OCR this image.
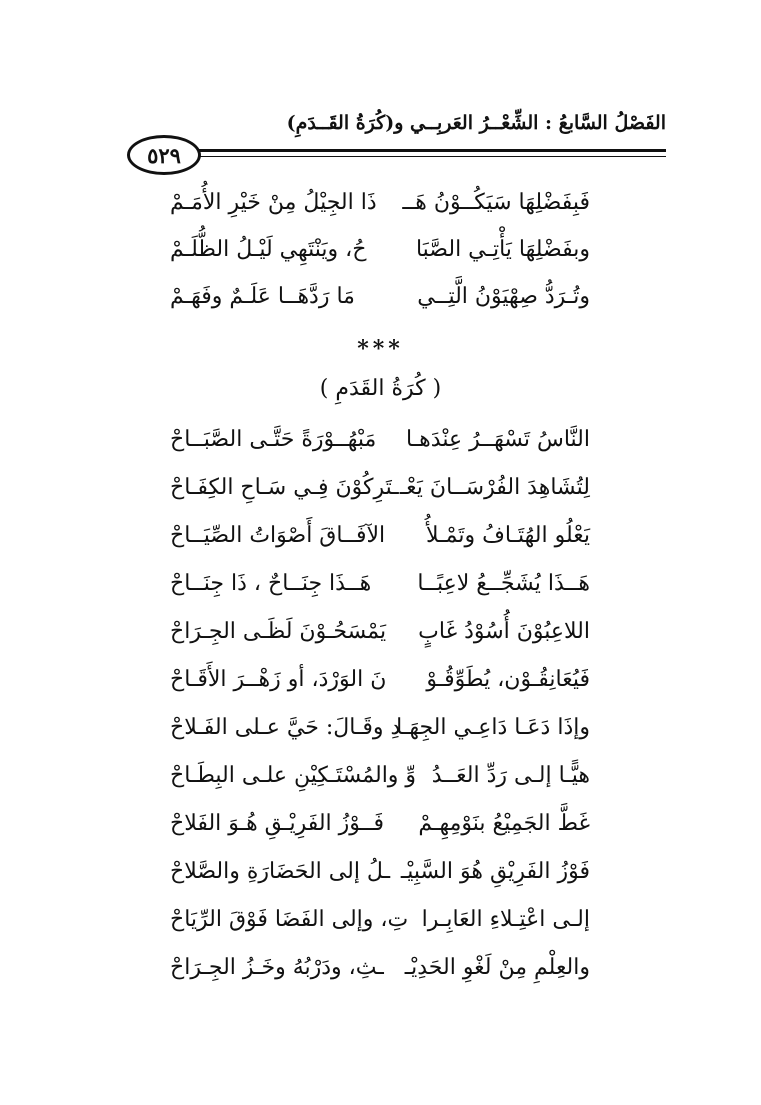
الفَصْلُ السَّابعُ : الشِّعْــرُ العَربِــي و(كُرَةُ القَــدَمِ)
٥٢٩
فَبِفَضْلِهَا سَيَكُــوْنُ هَــ
ذَا الجِيْلُ مِنْ خَيْرِ الأُمَـمْ
وبفَضْلِهَا يَأْتِـي الصَّبَا
حُ، ويَنْتَهِي لَيْـلُ الظُّلَـمْ
وتُـرَدُّ صِهْيَوْنُ الَّتِــي
مَا رَدَّهَــا عَلَـمٌ وفَهَـمْ
***
( كُرَةُ القَدَمِ )
النَّاسُ تَسْهَــرُ عِنْدَهـا
مَبْهُــوْرَةً حَتَّـى الصَّبَــاحْ
لِتُشَاهِدَ الفُرْسَــانَ يَعْـ
ـتَرِكُوْنَ فِـي سَـاحِ الكِفَـاحْ
يَعْلُو الهُتَـافُ وتَمْـلأُ
الآفَــاقَ أَصْوَاتُ الصِّيَــاحْ
هَــذَا يُشَجِّــعُ لاعِبًــا
هَــذَا جِنَــاحٌ ، ذَا جِنَــاحْ
اللاعِبُوْنَ أُسُوْدُ غَابٍ
يَمْسَحُـوْنَ لَظَـى الجِـرَاحْ
فَيُعَانِقُـوْن، يُطَوِّقُـوْ
نَ الوَرْدَ، أو زَهْــرَ الأَقَـاحْ
وإذَا دَعَـا دَاعِـي الجِهَـا
دِ وقَـالَ: حَيَّ عـلى الفَـلاحْ
هيًّـا إلـى رَدِّ العَــدُ
وِّ والمُسْتَـكِيْنِ علـى البِطَـاحْ
غَطَّ الجَمِيْعُ بنَوْمِهِـمْ
فَــوْزُ الفَرِيْـقِ هُـوَ الفَلاحْ
فَوْزُ الفَرِيْقِ هُوَ السَّبِيْـ
ـلُ إلى الحَضَارَةِ والصَّلاحْ
إلـى اعْتِـلاءِ العَابِـرا
تِ، وإلى الفَضَا فَوْقَ الرِّيَاحْ
والعِلْمِ مِنْ لَغْوِ الحَدِيْـ
ـثِ، ودَرْبُهُ وخَـزُ الجِـرَاحْ
